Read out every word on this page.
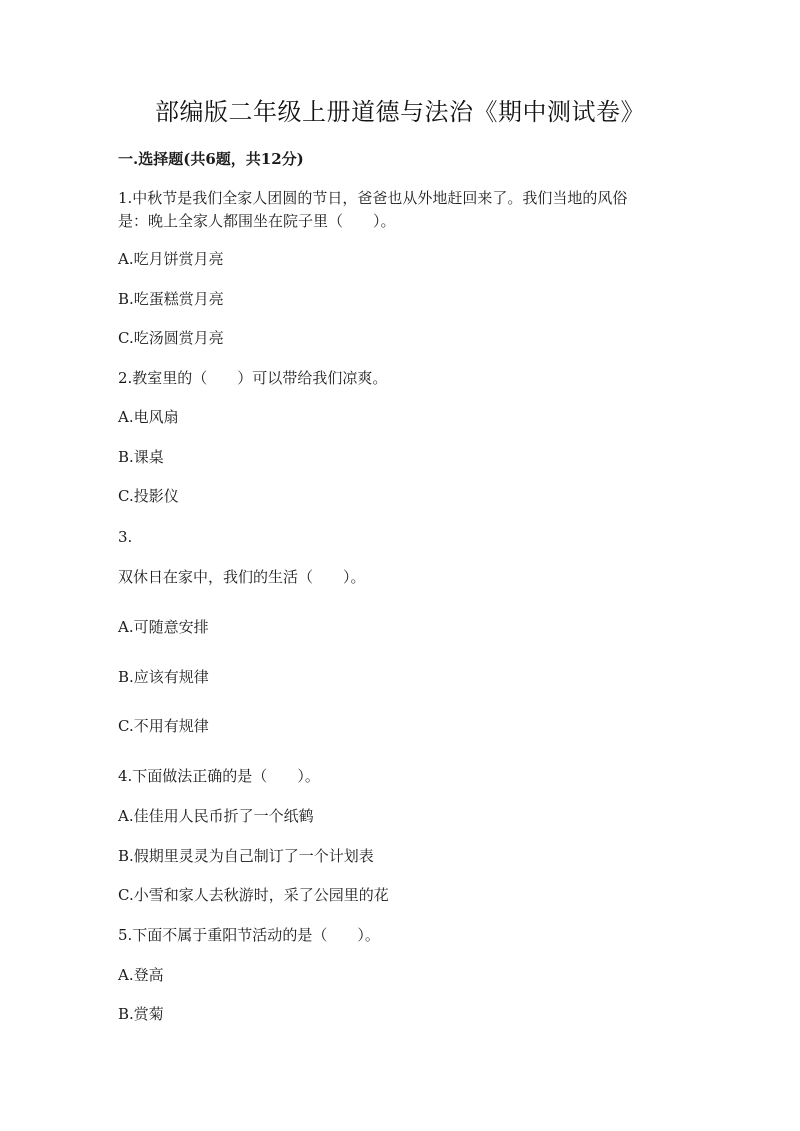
部编版二年级上册道德与法治《期中测试卷》
一.选择题(共6题，共12分)
1.中秋节是我们全家人团圆的节日，爸爸也从外地赶回来了。我们当地的风俗
是：晚上全家人都围坐在院子里（　　）。
A.吃月饼赏月亮
B.吃蛋糕赏月亮
C.吃汤圆赏月亮
2.教室里的（　　）可以带给我们凉爽。
A.电风扇
B.课桌
C.投影仪
3.
双休日在家中，我们的生活（　　）。
A.可随意安排
B.应该有规律
C.不用有规律
4.下面做法正确的是（　　）。
A.佳佳用人民币折了一个纸鹤
B.假期里灵灵为自己制订了一个计划表
C.小雪和家人去秋游时，采了公园里的花
5.下面不属于重阳节活动的是（　　）。
A.登高
B.赏菊
